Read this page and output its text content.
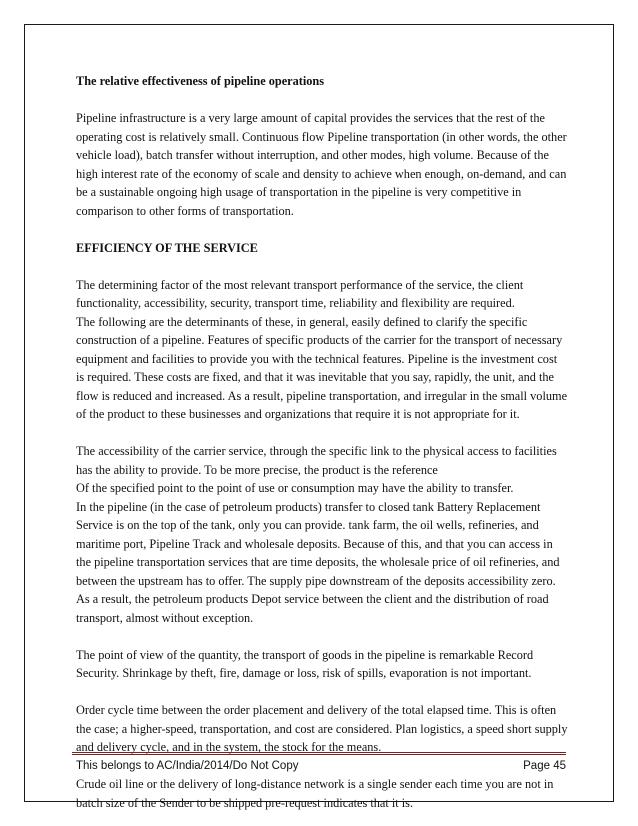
The relative effectiveness of pipeline operations

Pipeline infrastructure is a very large amount of capital provides the services that the rest of the operating cost is relatively small. Continuous flow Pipeline transportation (in other words, the other vehicle load), batch transfer without interruption, and other modes, high volume. Because of the high interest rate of the economy of scale and density to achieve when enough, on-demand, and can be a sustainable ongoing high usage of transportation in the pipeline is very competitive in comparison to other forms of transportation.

EFFICIENCY OF THE SERVICE

The determining factor of the most relevant transport performance of the service, the client functionality, accessibility, security, transport time, reliability and flexibility are required.

The following are the determinants of these, in general, easily defined to clarify the specific construction of a pipeline. Features of specific products of the carrier for the transport of necessary equipment and facilities to provide you with the technical features. Pipeline is the investment cost is required. These costs are fixed, and that it was inevitable that you say, rapidly, the unit, and the flow is reduced and increased. As a result, pipeline transportation, and irregular in the small volume of the product to these businesses and organizations that require it is not appropriate for it.

The accessibility of the carrier service, through the specific link to the physical access to facilities has the ability to provide. To be more precise, the product is the reference

Of the specified point to the point of use or consumption may have the ability to transfer.

In the pipeline (in the case of petroleum products) transfer to closed tank Battery Replacement Service is on the top of the tank, only you can provide. tank farm, the oil wells, refineries, and maritime port, Pipeline Track and wholesale deposits. Because of this, and that you can access in the pipeline transportation services that are time deposits, the wholesale price of oil refineries, and between the upstream has to offer. The supply pipe downstream of the deposits accessibility zero. As a result, the petroleum products Depot service between the client and the distribution of road transport, almost without exception.

The point of view of the quantity, the transport of goods in the pipeline is remarkable Record Security. Shrinkage by theft, fire, damage or loss, risk of spills, evaporation is not important.

Order cycle time between the order placement and delivery of the total elapsed time. This is often the case; a higher-speed, transportation, and cost are considered. Plan logistics, a speed short supply and delivery cycle, and in the system, the stock for the means.

Crude oil line or the delivery of long-distance network is a single sender each time you are not in batch size of the Sender to be shipped pre-request indicates that it is.

This belongs to AC/India/2014/Do Not Copy	Page 45
